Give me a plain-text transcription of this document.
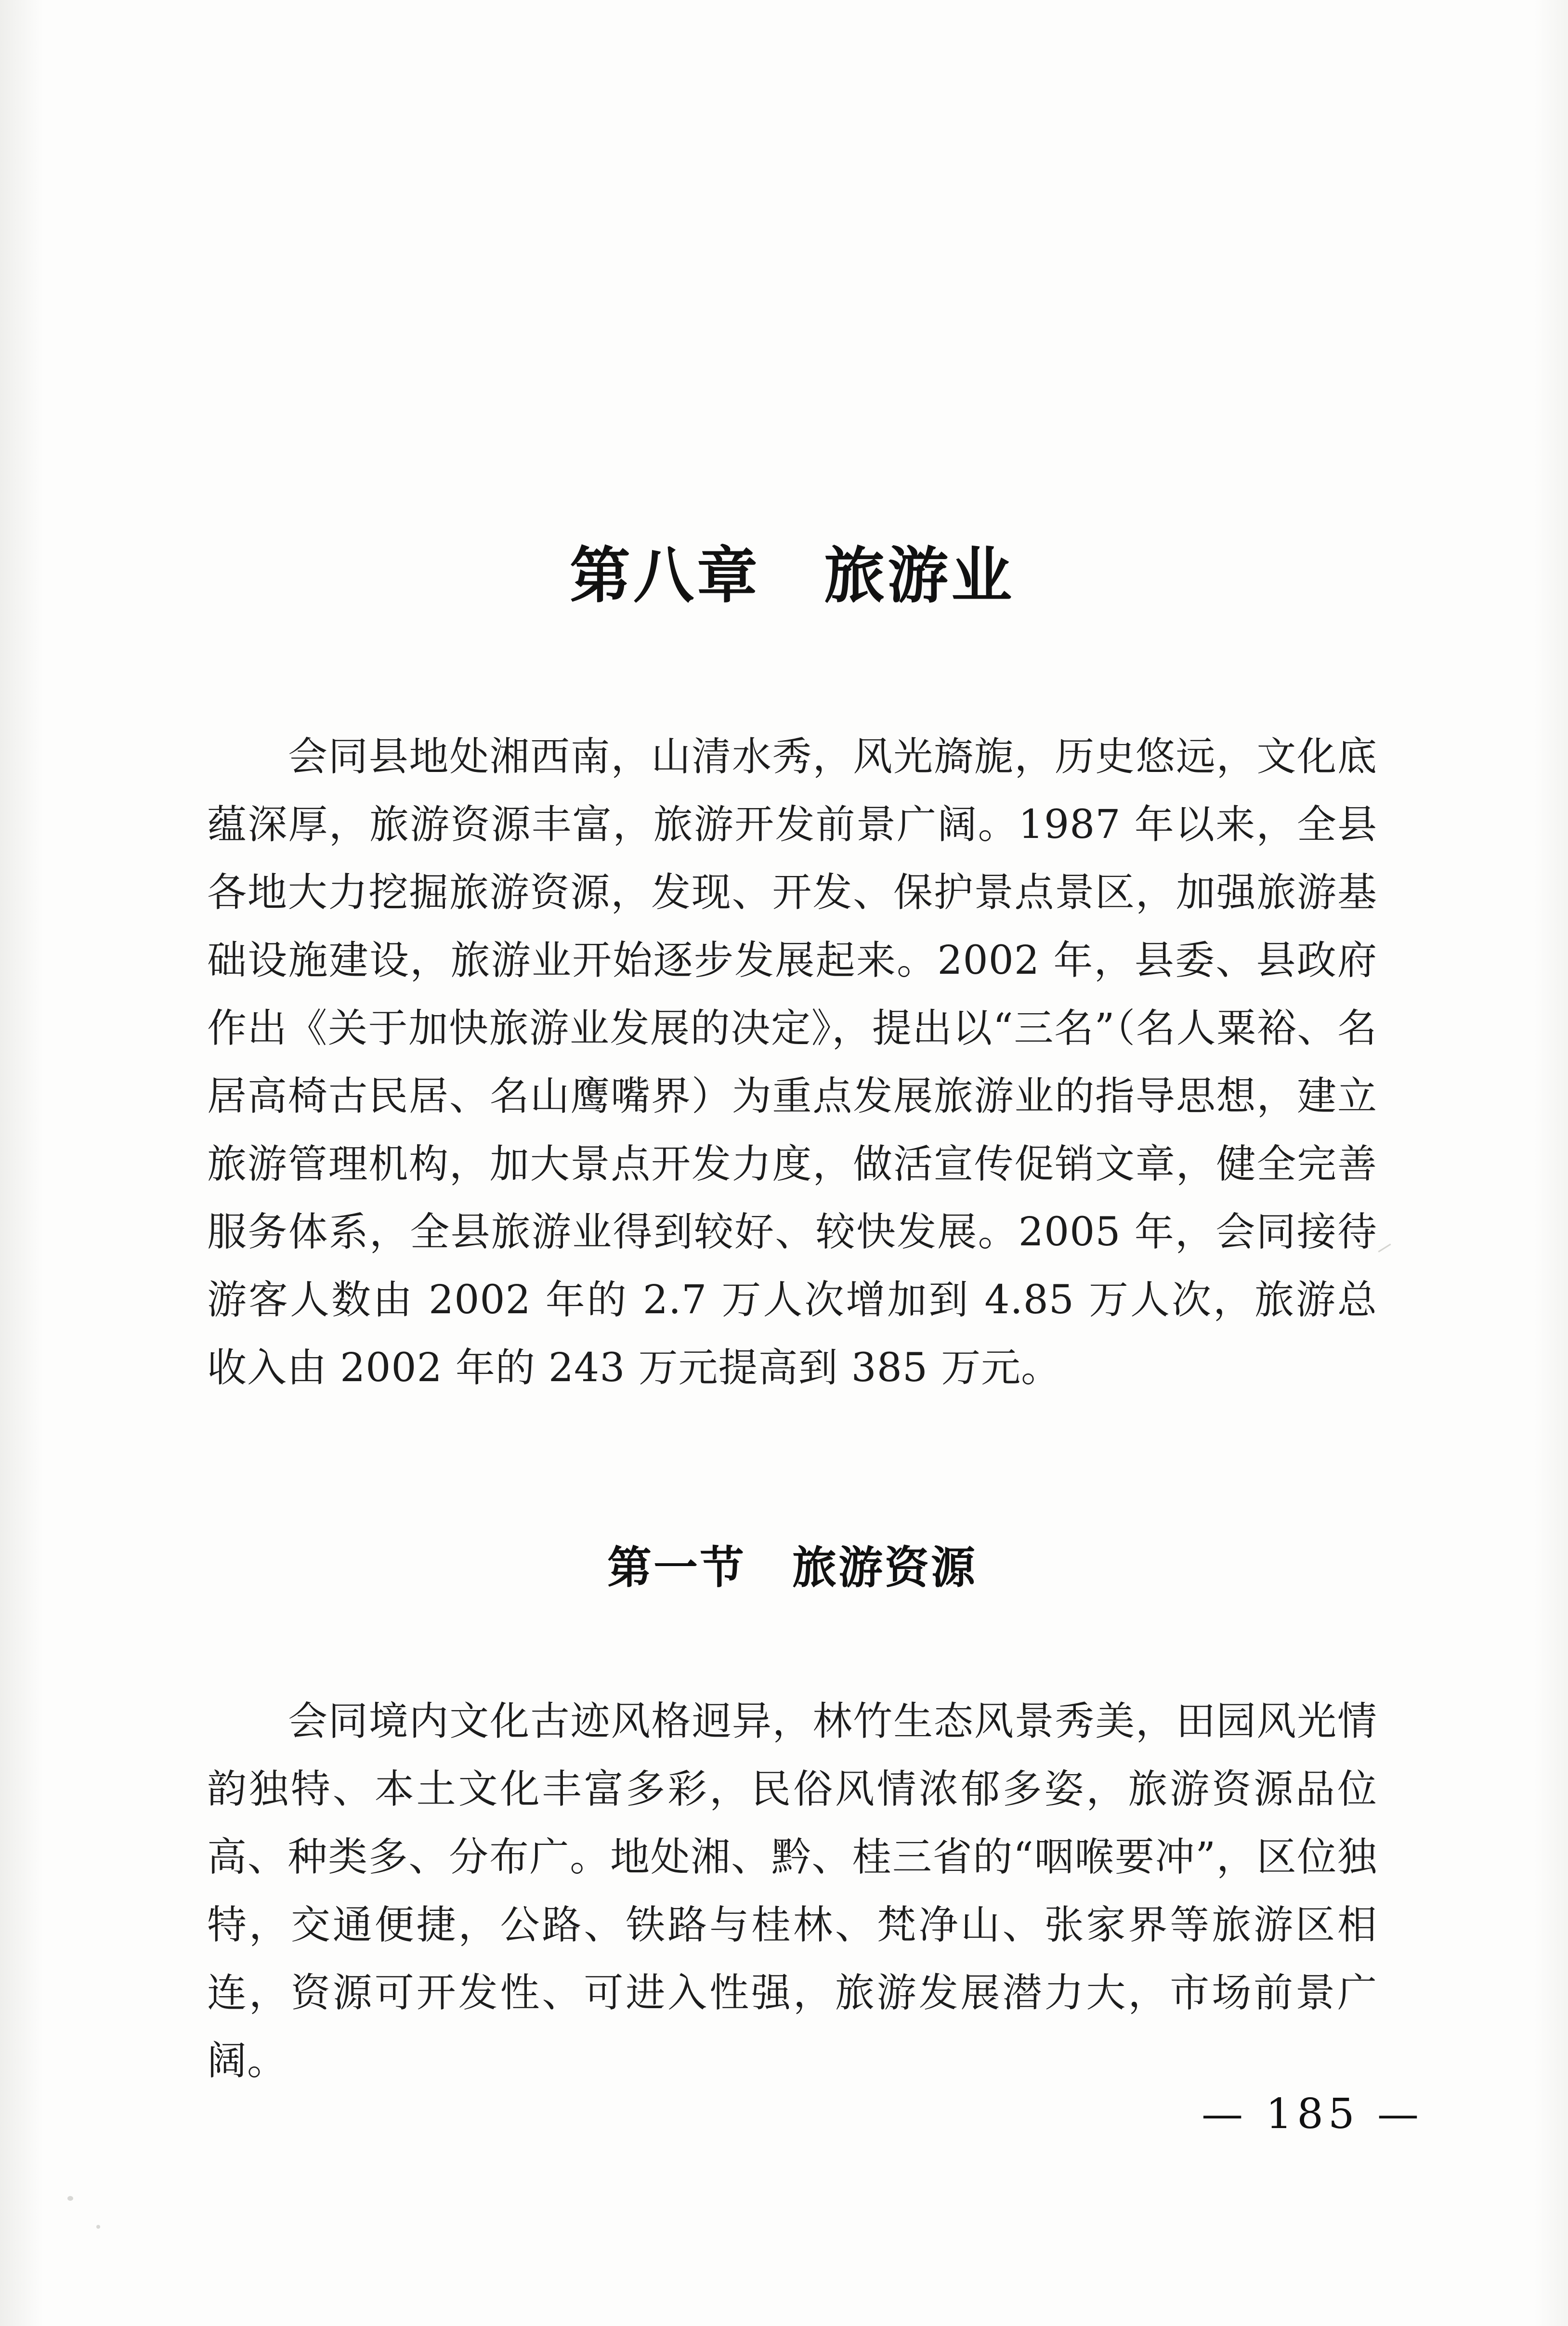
第八章　旅游业

会同县地处湘西南，山清水秀，风光旖旎，历史悠远，文化底蕴深厚，旅游资源丰富，旅游开发前景广阔。1987 年以来，全县各地大力挖掘旅游资源，发现、开发、保护景点景区，加强旅游基础设施建设，旅游业开始逐步发展起来。2002 年，县委、县政府作出《关于加快旅游业发展的决定》，提出以“三名”（名人粟裕、名居高椅古民居、名山鹰嘴界）为重点发展旅游业的指导思想，建立旅游管理机构，加大景点开发力度，做活宣传促销文章，健全完善服务体系，全县旅游业得到较好、较快发展。2005 年，会同接待游客人数由 2002 年的 2.7 万人次增加到 4.85 万人次，旅游总收入由 2002 年的 243 万元提高到 385 万元。

第一节　旅游资源

会同境内文化古迹风格迥异，林竹生态风景秀美，田园风光情韵独特、本土文化丰富多彩，民俗风情浓郁多姿，旅游资源品位高、种类多、分布广。地处湘、黔、桂三省的“咽喉要冲”，区位独特，交通便捷，公路、铁路与桂林、梵净山、张家界等旅游区相连，资源可开发性、可进入性强，旅游发展潜力大，市场前景广阔。

— 185 —
